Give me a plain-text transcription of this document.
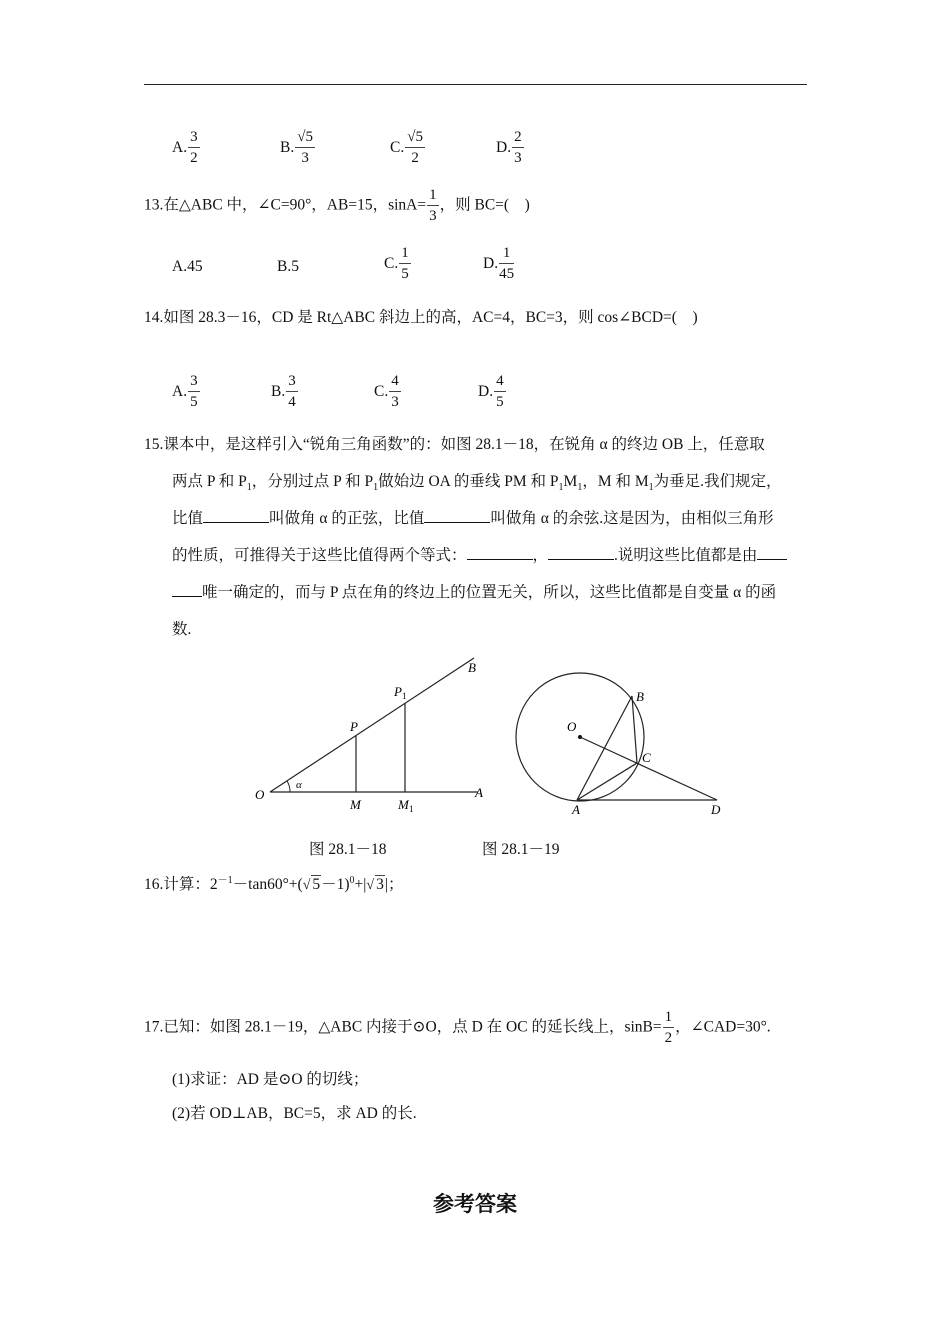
A. $\frac{3}{2}$	B. $\frac{√5}{3}$	C. $\frac{√5}{2}$	D. $\frac{2}{3}$
13.在△ABC 中，∠C=90°，AB=15，$\sin A= \frac{1}{3}$ ，则 BC=(　)
A.45	B.5	C. $\frac{1}{5}$	D. $\frac{1}{45}$
14.如图 28.3－16，CD 是 Rt△ABC 斜边上的高，AC=4，BC=3，则 cos∠BCD=(　)
A. $\frac{3}{5}$	B. $\frac{3}{4}$	C. $\frac{4}{3}$	D. $\frac{4}{5}$
15.课本中，是这样引入“锐角三角函数”的：如图 28.1－18，在锐角 α 的终边 OB 上，任意取
两点 P 和 $P_1$，分别过点 P 和 $P_1$做始边 OA 的垂线 PM 和 $P_1M_1$，M 和 $M_1$为垂足.我们规定，
比值	叫做角 α 的正弦，比值	叫做角 α 的余弦.这是因为，由相似三角形
的性质，可推得关于这些比值得两个等式：	，	.说明这些比值都是由
唯一确定的，而与 P 点在角的终边上的位置无关，所以，这些比值都是自变量 α 的函
数.
O
α
P
P 1
M	M 1
A
B
O
B
C
A	D
图 28.1－18	图 28.1－19
16.计算：$2^{-1}-\tan 60^\circ+(√$ 5－1)$^0$+|√ 3|；
17.已知：如图 28.1－19，△ABC 内接于⊙O，点 D 在 OC 的延长线上，$\sin B= \frac{1}{2}$ ，∠CAD=30°.
(1)求证：AD 是⊙O 的切线；
(2)若 OD⊥AB，BC=5，求 AD 的长.
参考答案
